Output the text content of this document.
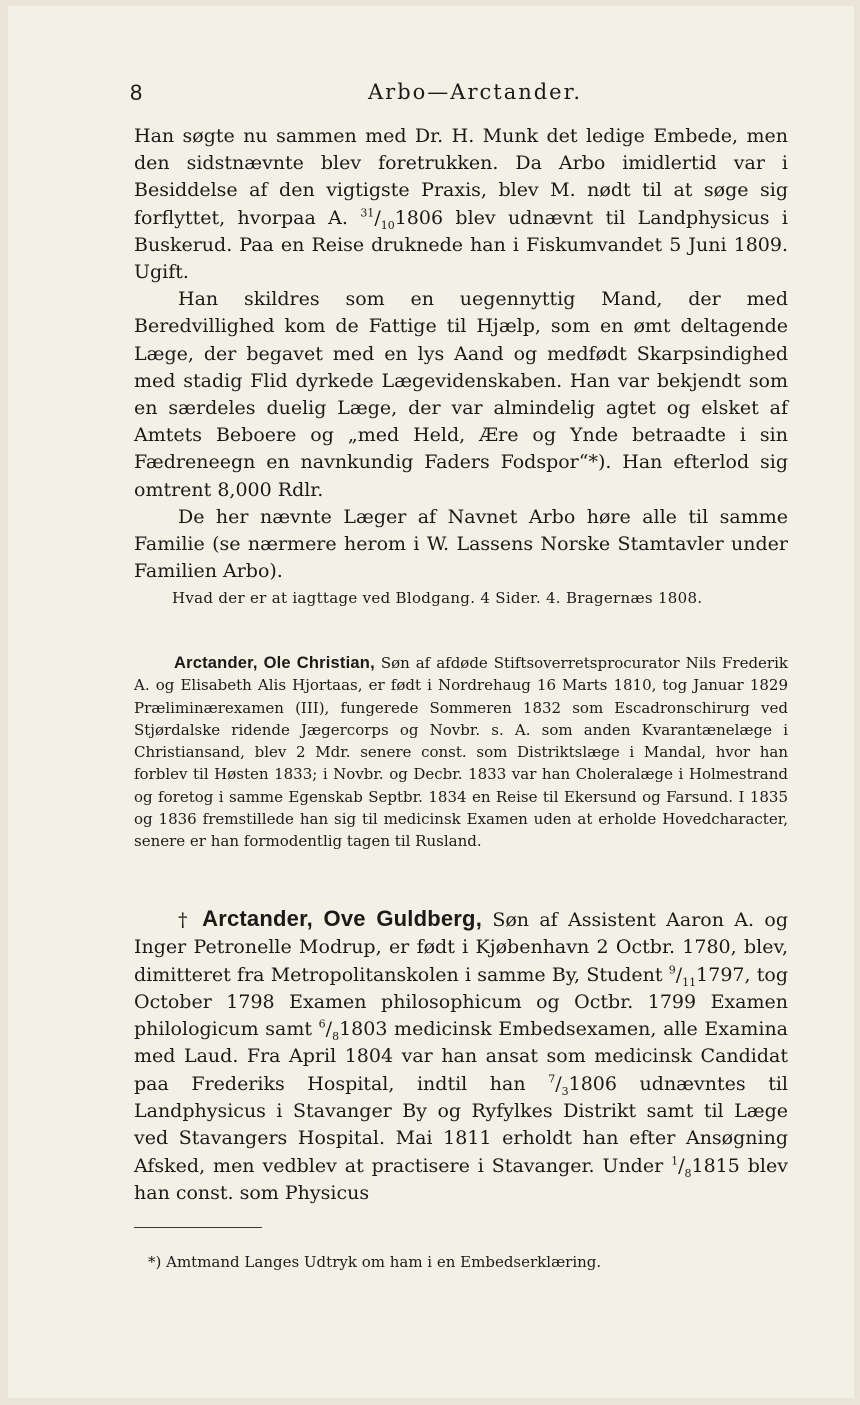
8	Arbo—Arctander.

Han søgte nu sammen med Dr. H. Munk det ledige Embede, men den sidstnævnte blev foretrukken. Da Arbo imidlertid var i Besiddelse af den vigtigste Praxis, blev M. nødt til at søge sig forflyttet, hvorpaa A. $^{31}/_{10}1806$ blev udnævnt til Landphysicus i Buskerud. Paa en Reise druknede han i Fiskumvandet 5 Juni 1809. Ugift.

Han skildres som en uegennyttig Mand, der med Beredvillighed kom de Fattige til Hjælp, som en ømt deltagende Læge, der begavet med en lys Aand og medfødt Skarpsindighed med stadig Flid dyrkede Lægevidenskaben. Han var bekjendt som en særdeles duelig Læge, der var almindelig agtet og elsket af Amtets Beboere og „med Held, Ære og Ynde betraadte i sin Fædreneegn en navnkundig Faders Fodspor“*). Han efterlod sig omtrent 8,000 Rdlr.

De her nævnte Læger af Navnet Arbo høre alle til samme Familie (se nærmere herom i W. Lassens Norske Stamtavler under Familien Arbo).

Hvad der er at iagttage ved Blodgang. 4 Sider. 4. Bragernæs 1808.

Arctander, Ole Christian, Søn af afdøde Stiftsoverretsprocurator Nils Frederik A. og Elisabeth Alis Hjortaas, er født i Nordrehaug 16 Marts 1810, tog Januar 1829 Præliminærexamen (III), fungerede Sommeren 1832 som Escadronschirurg ved Stjørdalske ridende Jægercorps og Novbr. s. A. som anden Kvarantænelæge i Christiansand, blev 2 Mdr. senere const. som Distriktslæge i Mandal, hvor han forblev til Høsten 1833; i Novbr. og Decbr. 1833 var han Choleralæge i Holmestrand og foretog i samme Egenskab Septbr. 1834 en Reise til Ekersund og Farsund. I 1835 og 1836 fremstillede han sig til medicinsk Examen uden at erholde Hovedcharacter, senere er han formodentlig tagen til Rusland.

† Arctander, Ove Guldberg, Søn af Assistent Aaron A. og Inger Petronelle Modrup, er født i Kjøbenhavn 2 Octbr. 1780, blev, dimitteret fra Metropolitanskolen i samme By, Student $^9/_{11}1797$, tog October 1798 Examen philosophicum og Octbr. 1799 Examen philologicum samt $^6/_81803$ medicinsk Embedsexamen, alle Examina med Laud. Fra April 1804 var han ansat som medicinsk Candidat paa Frederiks Hospital, indtil han $^7/_31806$ udnævntes til Landphysicus i Stavanger By og Ryfylkes Distrikt samt til Læge ved Stavangers Hospital. Mai 1811 erholdt han efter Ansøgning Afsked, men vedblev at practisere i Stavanger. Under $^1/_81815$ blev han const. som Physicus

*) Amtmand Langes Udtryk om ham i en Embedserklæring.
